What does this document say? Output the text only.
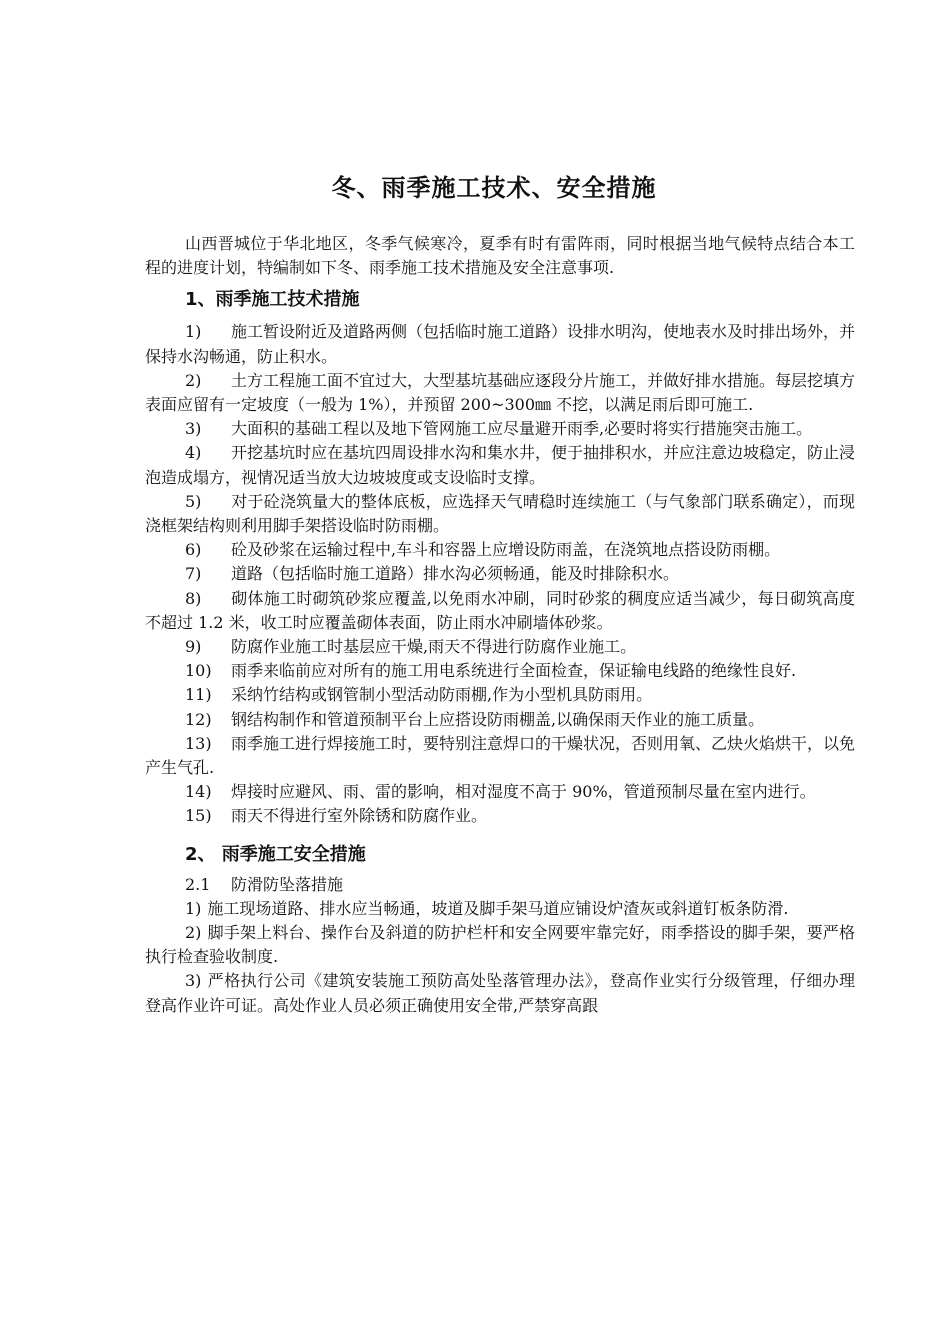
冬、雨季施工技术、安全措施

山西晋城位于华北地区，冬季气候寒冷，夏季有时有雷阵雨，同时根据当地气候特点结合本工程的进度计划，特编制如下冬、雨季施工技术措施及安全注意事项.

1、雨季施工技术措施

1) 施工暂设附近及道路两侧（包括临时施工道路）设排水明沟，使地表水及时排出场外，并保持水沟畅通，防止积水。

2) 土方工程施工面不宜过大，大型基坑基础应逐段分片施工，并做好排水措施。每层挖填方表面应留有一定坡度（一般为 1%），并预留 200~300㎜ 不挖，以满足雨后即可施工.

3) 大面积的基础工程以及地下管网施工应尽量避开雨季,必要时将实行措施突击施工。

4) 开挖基坑时应在基坑四周设排水沟和集水井，便于抽排积水，并应注意边坡稳定，防止浸泡造成塌方，视情况适当放大边坡坡度或支设临时支撑。

5) 对于砼浇筑量大的整体底板，应选择天气晴稳时连续施工（与气象部门联系确定），而现浇框架结构则利用脚手架搭设临时防雨棚。

6) 砼及砂浆在运输过程中,车斗和容器上应增设防雨盖，在浇筑地点搭设防雨棚。

7) 道路（包括临时施工道路）排水沟必须畅通，能及时排除积水。

8) 砌体施工时砌筑砂浆应覆盖,以免雨水冲刷，同时砂浆的稠度应适当减少，每日砌筑高度不超过 1.2 米，收工时应覆盖砌体表面，防止雨水冲刷墙体砂浆。

9) 防腐作业施工时基层应干燥,雨天不得进行防腐作业施工。

10) 雨季来临前应对所有的施工用电系统进行全面检查，保证输电线路的绝缘性良好.

11) 采纳竹结构或钢管制小型活动防雨棚,作为小型机具防雨用。

12) 钢结构制作和管道预制平台上应搭设防雨棚盖,以确保雨天作业的施工质量。

13) 雨季施工进行焊接施工时，要特别注意焊口的干燥状况，否则用氧、乙炔火焰烘干，以免产生气孔.

14) 焊接时应避风、雨、雷的影响，相对湿度不高于 90%，管道预制尽量在室内进行。

15) 雨天不得进行室外除锈和防腐作业。

2、 雨季施工安全措施

2.1 防滑防坠落措施

1) 施工现场道路、排水应当畅通，坡道及脚手架马道应铺设炉渣灰或斜道钉板条防滑.

2) 脚手架上料台、操作台及斜道的防护栏杆和安全网要牢靠完好，雨季搭设的脚手架，要严格执行检查验收制度.

3) 严格执行公司《建筑安装施工预防高处坠落管理办法》，登高作业实行分级管理，仔细办理登高作业许可证。高处作业人员必须正确使用安全带,严禁穿高跟
